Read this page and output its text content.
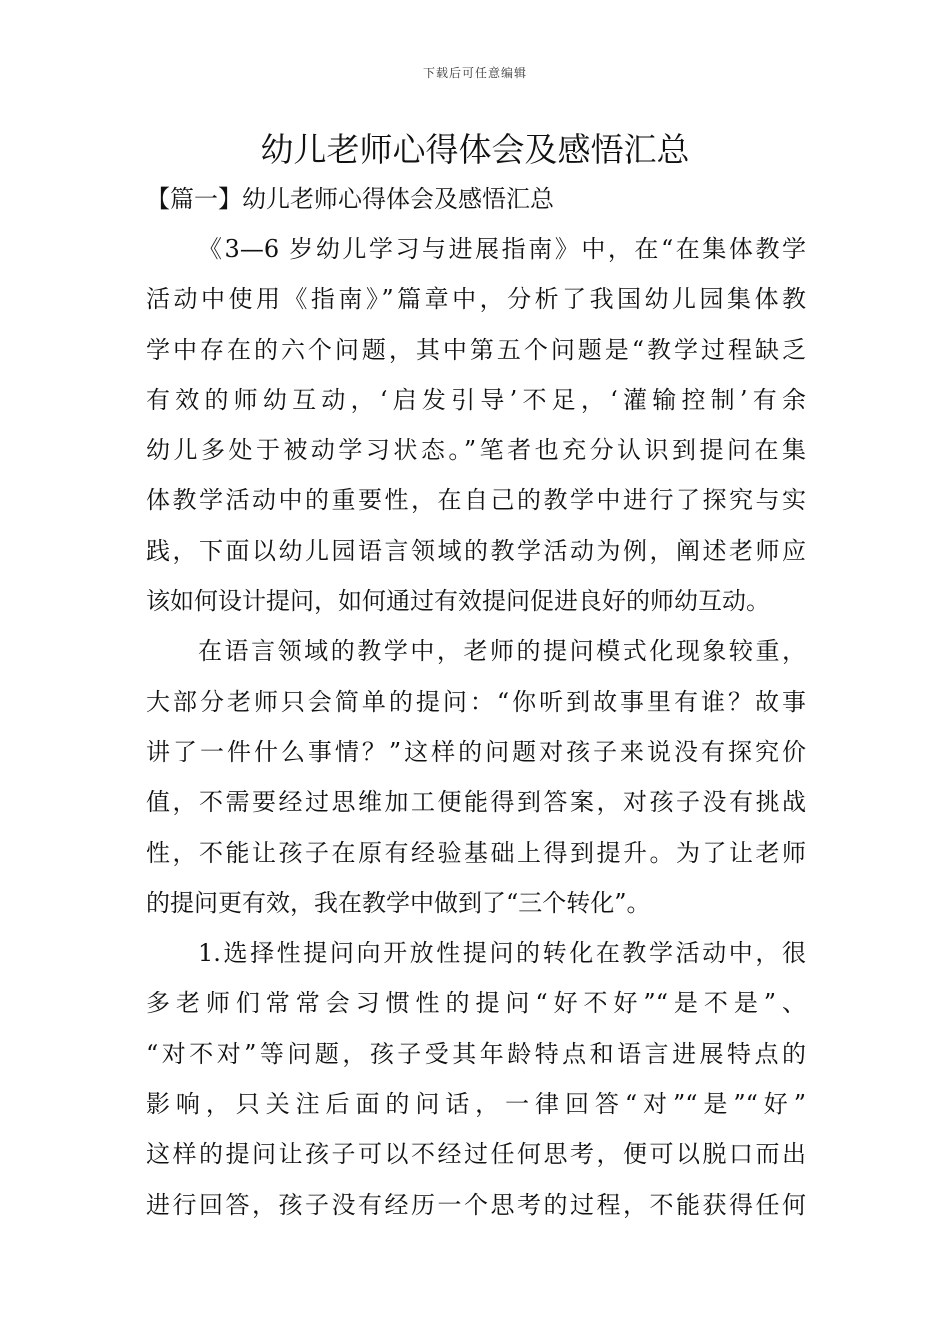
下载后可任意编辑
幼儿老师心得体会及感悟汇总
【篇一】幼儿老师心得体会及感悟汇总
《3—6 岁幼儿学习与进展指南》中，在“在集体教学
活动中使用《指南》”篇章中，分析了我国幼儿园集体教
学中存在的六个问题，其中第五个问题是“教学过程缺乏
有效的师幼互动，‘启发引导’不足，‘灌输控制’有余
幼儿多处于被动学习状态。”笔者也充分认识到提问在集
体教学活动中的重要性，在自己的教学中进行了探究与实
践，下面以幼儿园语言领域的教学活动为例，阐述老师应
该如何设计提问，如何通过有效提问促进良好的师幼互动。
在语言领域的教学中，老师的提问模式化现象较重，
大部分老师只会简单的提问：“你听到故事里有谁？故事
讲了一件什么事情？”这样的问题对孩子来说没有探究价
值，不需要经过思维加工便能得到答案，对孩子没有挑战
性，不能让孩子在原有经验基础上得到提升。为了让老师
的提问更有效，我在教学中做到了“三个转化”。
1.选择性提问向开放性提问的转化在教学活动中，很
多老师们常常会习惯性的提问“好不好”“是不是”、
“对不对”等问题，孩子受其年龄特点和语言进展特点的
影响，只关注后面的问话，一律回答“对”“是”“好”
这样的提问让孩子可以不经过任何思考，便可以脱口而出
进行回答，孩子没有经历一个思考的过程，不能获得任何
